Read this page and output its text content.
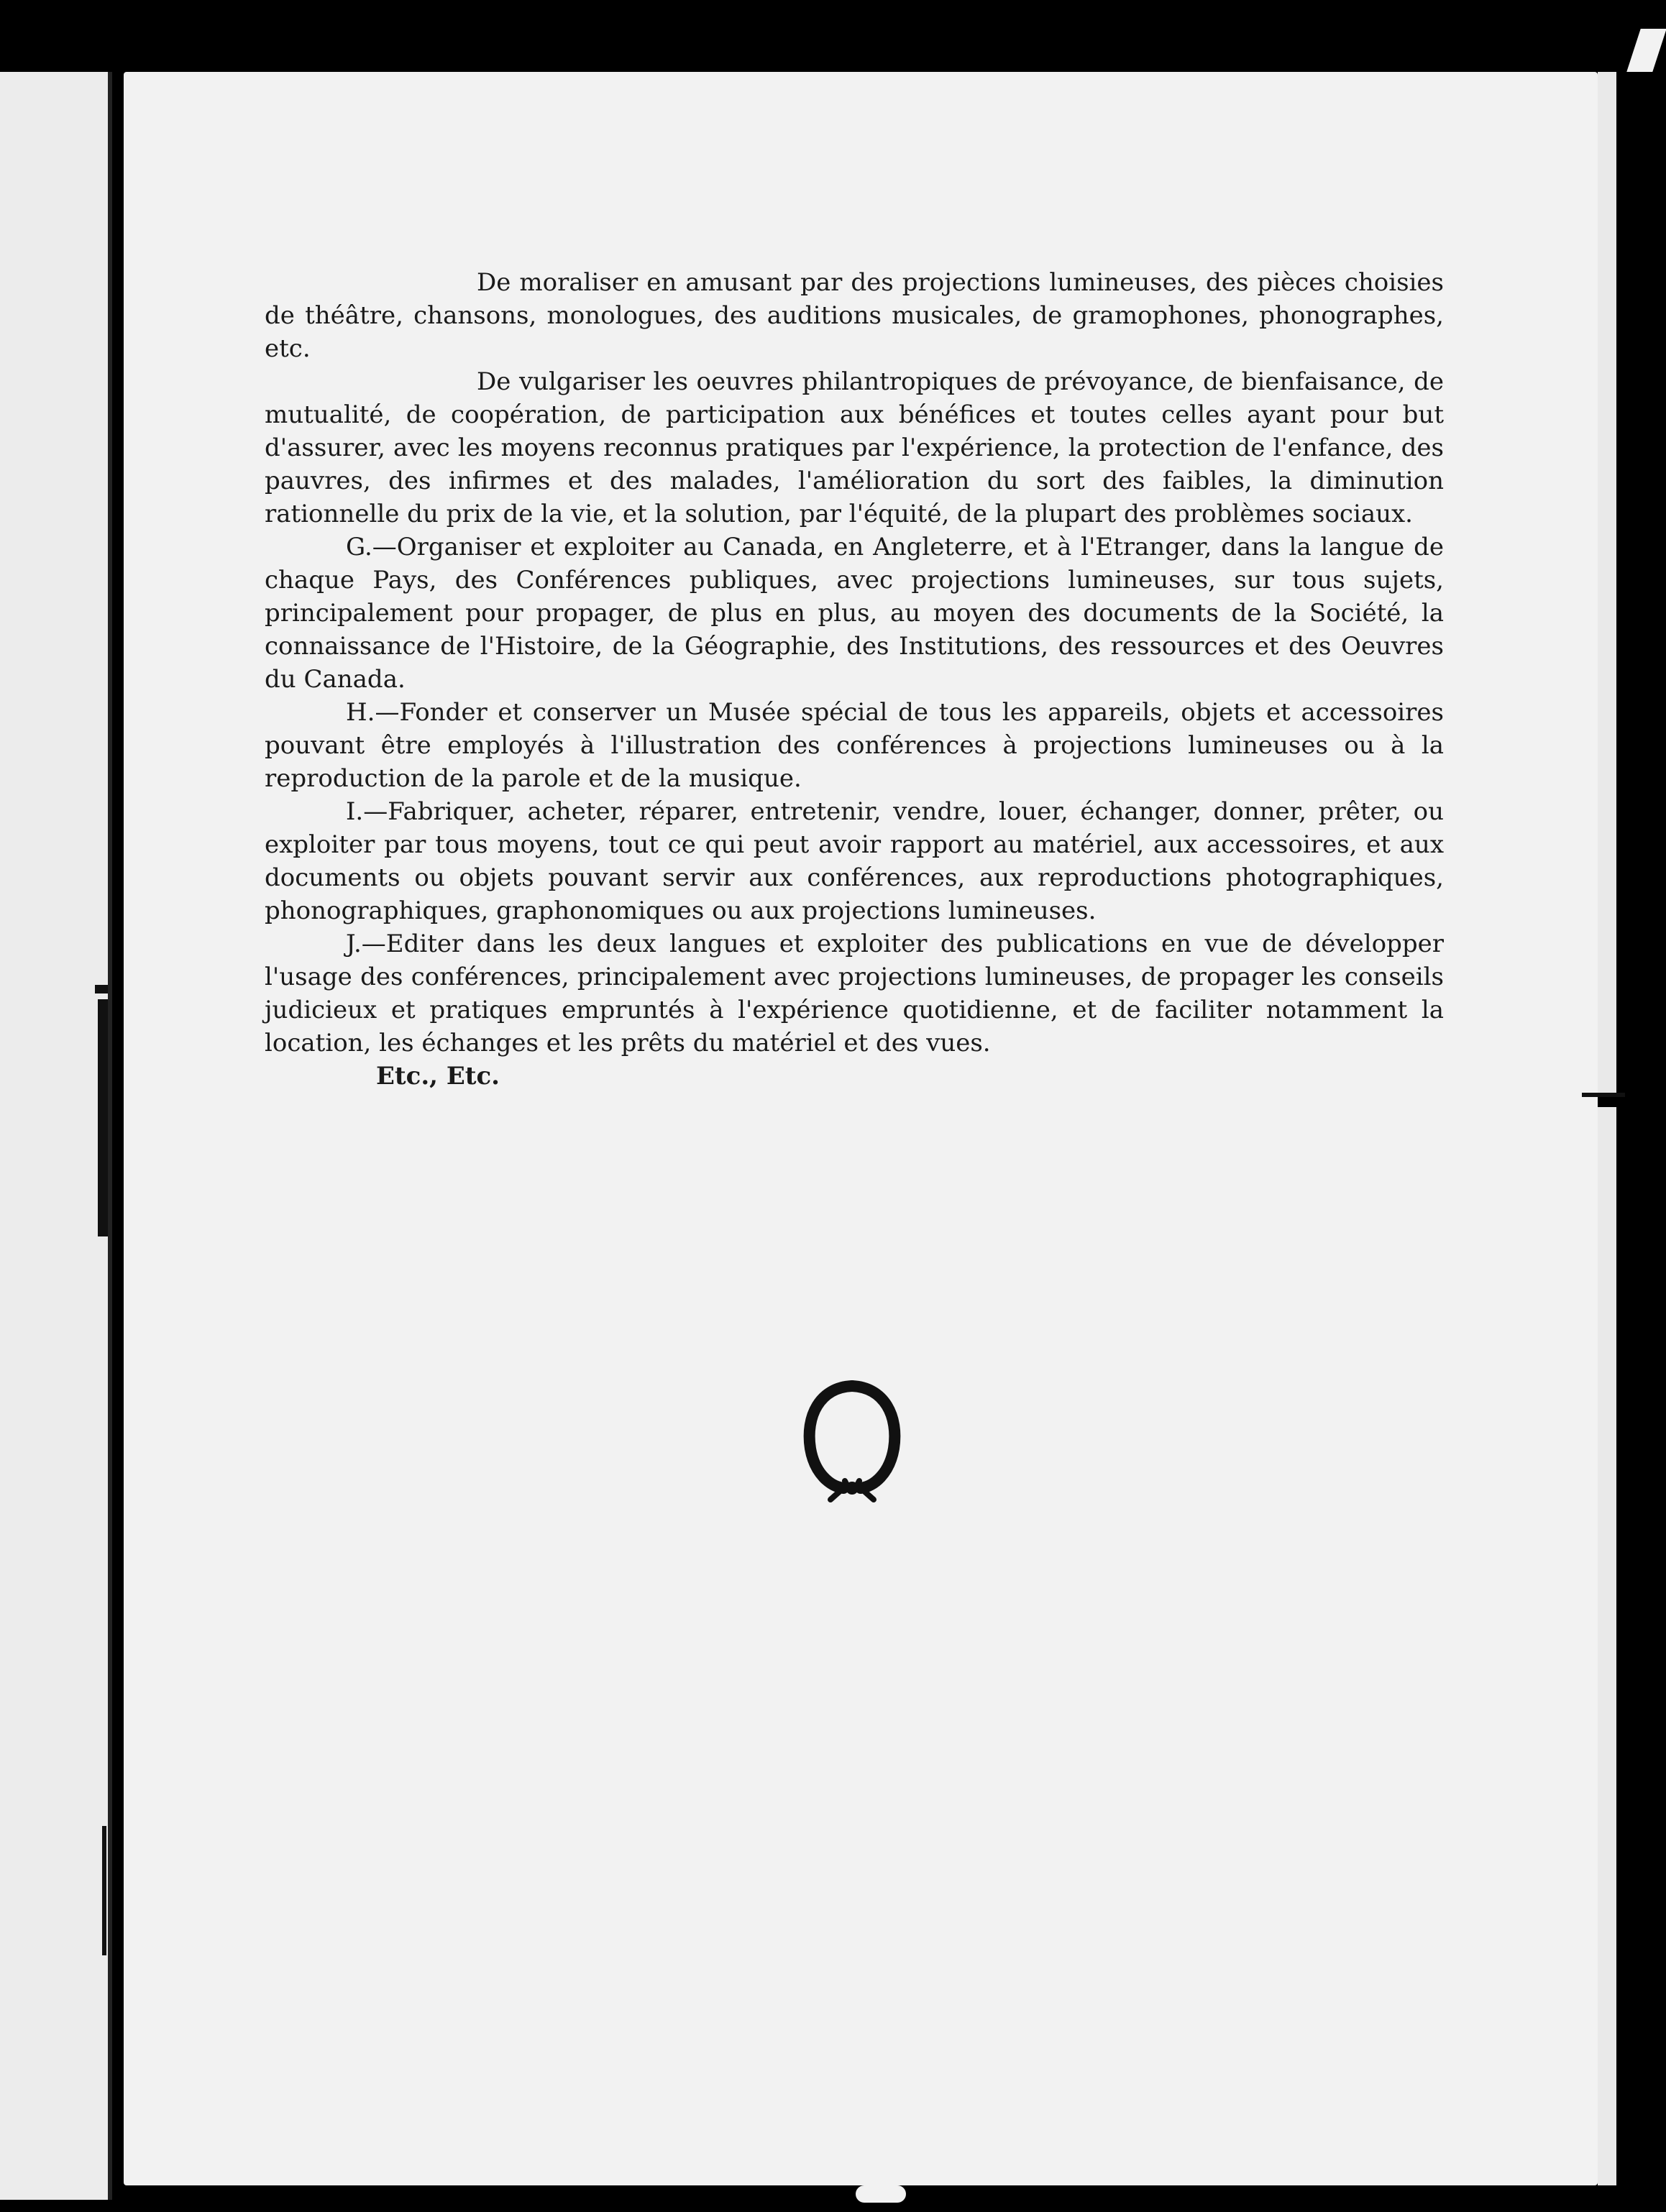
De moraliser en amusant par des projections lumineuses, des pièces choisies de théâtre, chansons, monologues, des auditions musicales, de gramophones, phonographes, etc.

De vulgariser les oeuvres philantropiques de prévoyance, de bienfaisance, de mutualité, de coopération, de participation aux bénéfices et toutes celles ayant pour but d'assurer, avec les moyens reconnus pratiques par l'expérience, la protection de l'enfance, des pauvres, des infirmes et des malades, l'amélioration du sort des faibles, la diminution rationnelle du prix de la vie, et la solution, par l'équité, de la plupart des problèmes sociaux.

G.—Organiser et exploiter au Canada, en Angleterre, et à l'Etranger, dans la langue de chaque Pays, des Conférences publiques, avec projections lumineuses, sur tous sujets, principalement pour propager, de plus en plus, au moyen des documents de la Société, la connaissance de l'Histoire, de la Géographie, des Institutions, des ressources et des Oeuvres du Canada.

H.—Fonder et conserver un Musée spécial de tous les appareils, objets et accessoires pouvant être employés à l'illustration des conférences à projections lumineuses ou à la reproduction de la parole et de la musique.

I.—Fabriquer, acheter, réparer, entretenir, vendre, louer, échanger, donner, prêter, ou exploiter par tous moyens, tout ce qui peut avoir rapport au matériel, aux accessoires, et aux documents ou objets pouvant servir aux conférences, aux reproductions photographiques, phonographiques, graphonomiques ou aux projections lumineuses.

J.—Editer dans les deux langues et exploiter des publications en vue de développer l'usage des conférences, principalement avec projections lumineuses, de propager les conseils judicieux et pratiques empruntés à l'expérience quotidienne, et de faciliter notamment la location, les échanges et les prêts du matériel et des vues.

Etc., Etc.
